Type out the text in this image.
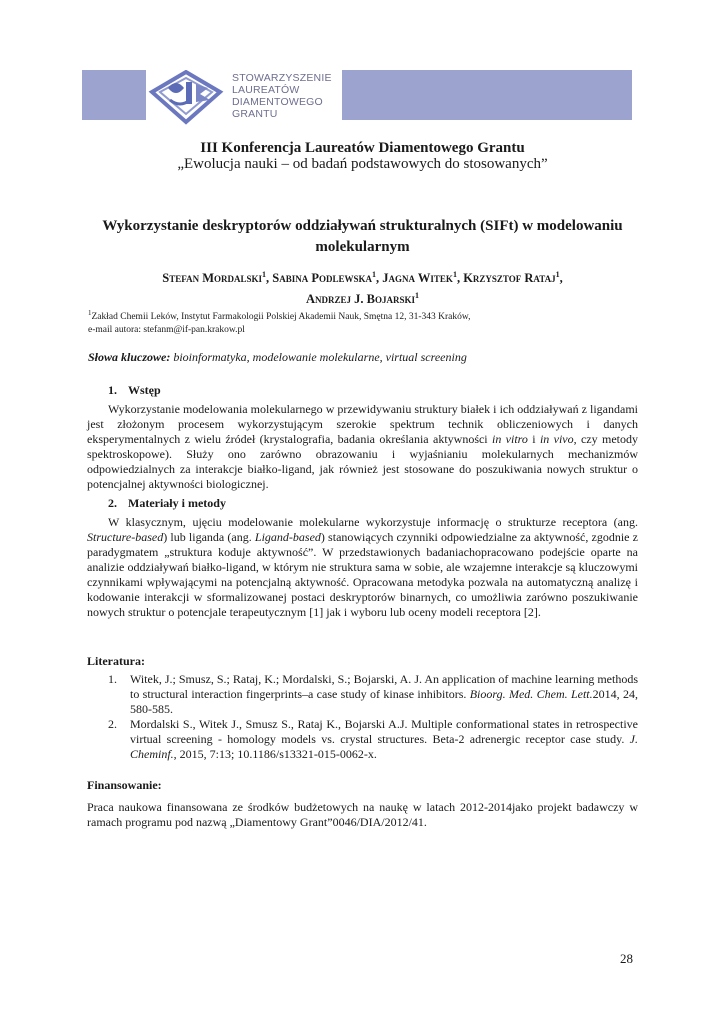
STOWARZYSZENIE
LAUREATÓW
DIAMENTOWEGO
GRANTU
III Konferencja Laureatów Diamentowego Grantu
„Ewolucja nauki – od badań podstawowych do stosowanych”
Wykorzystanie deskryptorów oddziaływań strukturalnych (SIFt) w modelowaniu molekularnym
Stefan Mordalski$^1$, Sabina Podlewska$^1$, Jagna Witek$^1$, Krzysztof Rataj$^1$,
Andrzej J. Bojarski$^1$
$^1$Zakład Chemii Leków, Instytut Farmakologii Polskiej Akademii Nauk, Smętna 12, 31-343 Kraków,
e-mail autora: stefanm@if-pan.krakow.pl
Słowa kluczowe: bioinformatyka, modelowanie molekularne, virtual screening
1. Wstęp
Wykorzystanie modelowania molekularnego w przewidywaniu struktury białek i ich oddziaływań z ligandami jest złożonym procesem wykorzystującym szerokie spektrum technik obliczeniowych i danych eksperymentalnych z wielu źródeł (krystalografia, badania określania aktywności in vitro i in vivo, czy metody spektroskopowe). Służy ono zarówno obrazowaniu i wyjaśnianiu molekularnych mechanizmów odpowiedzialnych za interakcje białko-ligand, jak również jest stosowane do poszukiwania nowych struktur o potencjalnej aktywności biologicznej.
2. Materiały i metody
W klasycznym, ujęciu modelowanie molekularne wykorzystuje informację o strukturze receptora (ang. Structure-based) lub liganda (ang. Ligand-based) stanowiących czynniki odpowiedzialne za aktywność, zgodnie z paradygmatem „struktura koduje aktywność”. W przedstawionych badaniachopracowano podejście oparte na analizie oddziaływań białko-ligand, w którym nie struktura sama w sobie, ale wzajemne interakcje są kluczowymi czynnikami wpływającymi na potencjalną aktywność. Opracowana metodyka pozwala na automatyczną analizę i kodowanie interakcji w sformalizowanej postaci deskryptorów binarnych, co umożliwia zarówno poszukiwanie nowych struktur o potencjale terapeutycznym [1] jak i wyboru lub oceny modeli receptora [2].
Literatura:
1. Witek, J.; Smusz, S.; Rataj, K.; Mordalski, S.; Bojarski, A. J. An application of machine learning methods to structural interaction fingerprints–a case study of kinase inhibitors. Bioorg. Med. Chem. Lett.2014, 24, 580-585.
2. Mordalski S., Witek J., Smusz S., Rataj K., Bojarski A.J. Multiple conformational states in retrospective virtual screening - homology models vs. crystal structures. Beta-2 adrenergic receptor case study. J. Cheminf., 2015, 7:13; 10.1186/s13321-015-0062-x.
Finansowanie:
Praca naukowa finansowana ze środków budżetowych na naukę w latach 2012-2014jako projekt badawczy w ramach programu pod nazwą „Diamentowy Grant”0046/DIA/2012/41.
28
